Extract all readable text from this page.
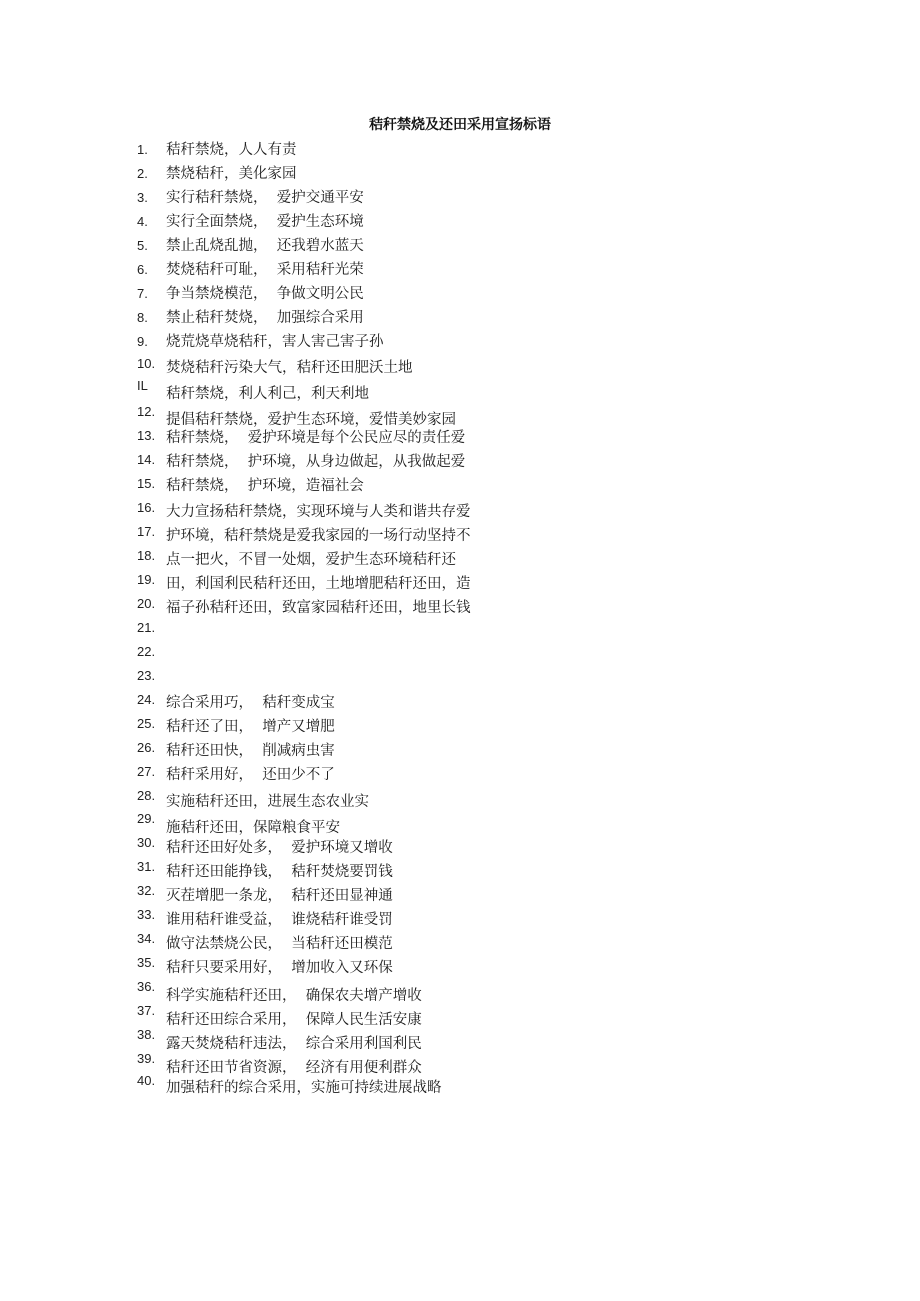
秸秆禁烧及还田采用宣扬标语
1.
2.
3.
4.
5.
6.
7.
8.
9.
10.
IL
12.
13.
14.
15.
16.
17.
18.
19.
20.
21.
22.
23.
24.
25.
26.
27.
28.
29.
30.
31.
32.
33.
34.
35.
36.
37.
38.
39.
40.
秸秆禁烧，人人有责
禁烧秸秆，美化家园
实行秸秆禁烧，  爱护交通平安
实行全面禁烧，  爱护生态环境
禁止乱烧乱抛，  还我碧水蓝天
焚烧秸秆可耻，  采用秸秆光荣
争当禁烧模范，  争做文明公民
禁止秸秆焚烧，  加强综合采用
烧荒烧草烧秸秆，害人害己害子孙
焚烧秸秆污染大气，秸秆还田肥沃土地
秸秆禁烧，利人利己，利天利地
提倡秸秆禁烧，爱护生态环境，爱惜美妙家园
秸秆禁烧，  爱护环境是每个公民应尽的责任爱
秸秆禁烧，  护环境，从身边做起，从我做起爱
秸秆禁烧，  护环境，造福社会
大力宣扬秸秆禁烧，实现环境与人类和谐共存爱
护环境，秸秆禁烧是爱我家园的一场行动坚持不
点一把火，不冒一处烟，爱护生态环境秸秆还
田，利国利民秸秆还田，土地增肥秸秆还田，造
福子孙秸秆还田，致富家园秸秆还田，地里长钱
综合采用巧，  秸秆变成宝
秸秆还了田，  增产又增肥
秸秆还田快，  削减病虫害
秸秆采用好，  还田少不了
实施秸秆还田，进展生态农业实
施秸秆还田，保障粮食平安
秸秆还田好处多，  爱护环境又增收
秸秆还田能挣钱，  秸秆焚烧要罚钱
灭茬增肥一条龙，  秸秆还田显神通
谁用秸秆谁受益，  谁烧秸秆谁受罚
做守法禁烧公民，  当秸秆还田模范
秸秆只要采用好，  增加收入又环保
科学实施秸秆还田，  确保农夫增产增收
秸秆还田综合采用，  保障人民生活安康
露天焚烧秸秆违法，  综合采用利国利民
秸秆还田节省资源，  经济有用便利群众
加强秸秆的综合采用，实施可持续进展战略
